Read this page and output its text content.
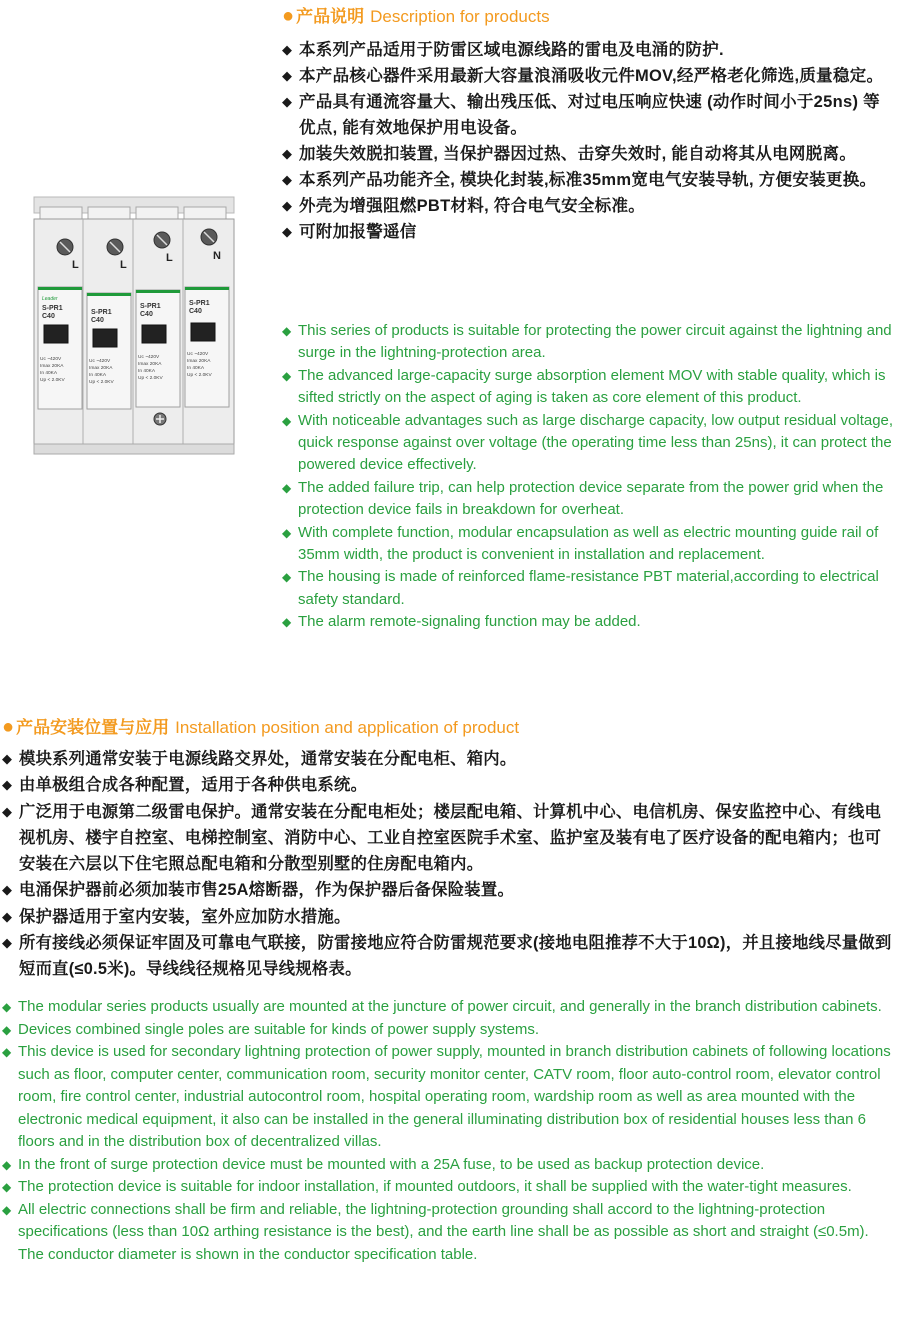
● 产品说明 Description for products
L	L
L	N
Leader
S-PR1
C40
S-PR1
C40
S-PR1
C40
S-PR1
C40
Uc ~420V
Imax 20KA
In 40KA
Up < 2.0KV
Uc ~420V
Imax 20KA
In 40KA
Up < 2.0KV
Uc ~420V
Imax 20KA
In 40KA
Up < 2.0KV
Uc ~420V
Imax 20KA
In 40KA
Up < 2.0KV
◆ 本系列产品适用于防雷区域电源线路的雷电及电涌的防护.
◆ 本产品核心器件采用最新大容量浪涌吸收元件MOV,经严格老化筛选,质量稳定。
◆ 产品具有通流容量大、输出残压低、对过电压响应快速 (动作时间小于25ns) 等优点, 能有效地保护用电设备。
◆ 加装失效脱扣装置, 当保护器因过热、击穿失效时, 能自动将其从电网脱离。
◆ 本系列产品功能齐全, 模块化封装,标准35mm宽电气安装导轨, 方便安装更换。
◆ 外壳为增强阻燃PBT材料, 符合电气安全标准。
◆ 可附加报警遥信
◆ This series of products is suitable for protecting the power circuit against the lightning and surge in the lightning-protection area.
◆ The advanced large-capacity surge absorption element MOV with stable quality, which is sifted strictly on the aspect of aging is taken as core element of this product.
◆ With noticeable advantages such as large discharge capacity, low output residual voltage, quick response against over voltage (the operating time less than 25ns), it can protect the powered device effectively.
◆ The added failure trip, can help protection device separate from the power grid when the protection device fails in breakdown for overheat.
◆ With complete function, modular encapsulation as well as electric mounting guide rail of 35mm width, the product is convenient in installation and replacement.
◆ The housing is made of reinforced flame-resistance PBT material,according to electrical safety standard.
◆ The alarm remote-signaling function may be added.
● 产品安装位置与应用 Installation position and application of product
◆ 模块系列通常安装于电源线路交界处，通常安装在分配电柜、箱内。
◆ 由单极组合成各种配置，适用于各种供电系统。
◆ 广泛用于电源第二级雷电保护。通常安装在分配电柜处；楼层配电箱、计算机中心、电信机房、保安监控中心、有线电视机房、楼宇自控室、电梯控制室、消防中心、工业自控室医院手术室、监护室及装有电了医疗设备的配电箱内；也可安装在六层以下住宅照总配电箱和分散型别墅的住房配电箱内。
◆ 电涌保护器前必须加装市售25A熔断器，作为保护器后备保险装置。
◆ 保护器适用于室内安装，室外应加防水措施。
◆ 所有接线必须保证牢固及可靠电气联接，防雷接地应符合防雷规范要求(接地电阻推荐不大于10Ω)，并且接地线尽量做到短而直(≤0.5米)。导线线径规格见导线规格表。
◆ The modular series products usually are mounted at the juncture of power circuit, and generally in the branch distribution cabinets.
◆ Devices combined single poles are suitable for kinds of power supply systems.
◆ This device is used for secondary lightning protection of power supply, mounted in branch distribution cabinets of following locations such as floor, computer center, communication room, security monitor center, CATV room, floor auto-control room, elevator control room, fire control center, industrial autocontrol room, hospital operating room, wardship room as well as area mounted with the electronic medical equipment, it also can be installed in the general illuminating distribution box of residential houses less than 6 floors and in the distribution box of decentralized villas.
◆ In the front of surge protection device must be mounted with a 25A fuse, to be used as backup protection device.
◆ The protection device is suitable for indoor installation, if mounted outdoors, it shall be supplied with the water-tight measures.
◆ All electric connections shall be firm and reliable, the lightning-protection grounding shall accord to the lightning-protection specifications (less than 10Ω arthing resistance is the best), and the earth line shall be as possible as short and straight (≤0.5m). The conductor diameter is shown in the conductor specification table.
